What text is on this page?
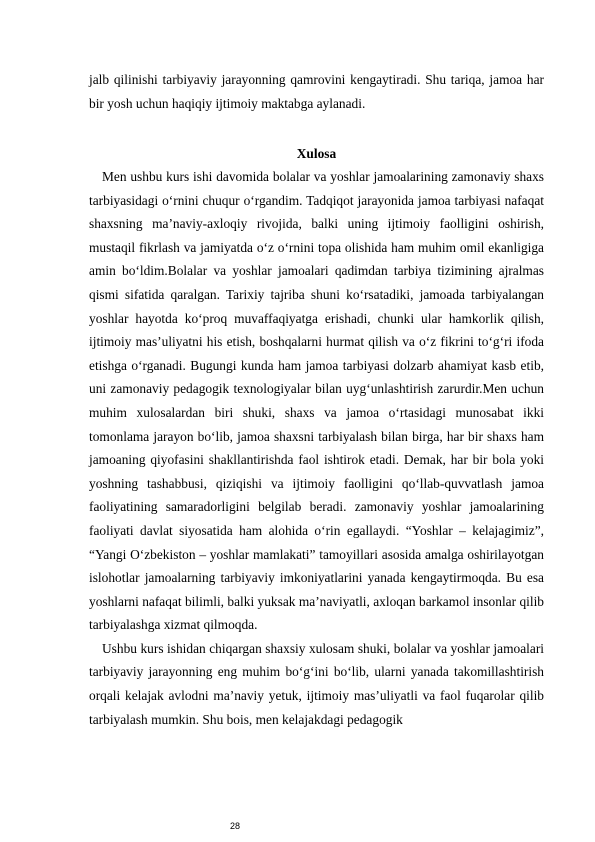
jalb qilinishi tarbiyaviy jarayonning qamrovini kengaytiradi. Shu tariqa, jamoa har bir yosh uchun haqiqiy ijtimoiy maktabga aylanadi.

Xulosa

Men ushbu kurs ishi davomida bolalar va yoshlar jamoalarining zamonaviy shaxs tarbiyasidagi o‘rnini chuqur o‘rgandim. Tadqiqot jarayonida jamoa tarbiyasi nafaqat shaxsning ma’naviy-axloqiy rivojida, balki uning ijtimoiy faolligini oshirish, mustaqil fikrlash va jamiyatda o‘z o‘rnini topa olishida ham muhim omil ekanligiga amin bo‘ldim.Bolalar va yoshlar jamoalari qadimdan tarbiya tizimining ajralmas qismi sifatida qaralgan. Tarixiy tajriba shuni ko‘rsatadiki, jamoada tarbiyalangan yoshlar hayotda ko‘proq muvaffaqiyatga erishadi, chunki ular hamkorlik qilish, ijtimoiy mas’uliyatni his etish, boshqalarni hurmat qilish va o‘z fikrini to‘g‘ri ifoda etishga o‘rganadi. Bugungi kunda ham jamoa tarbiyasi dolzarb ahamiyat kasb etib, uni zamonaviy pedagogik texnologiyalar bilan uyg‘unlashtirish zarurdir.Men uchun muhim xulosalardan biri shuki, shaxs va jamoa o‘rtasidagi munosabat ikki tomonlama jarayon bo‘lib, jamoa shaxsni tarbiyalash bilan birga, har bir shaxs ham jamoaning qiyofasini shakllantirishda faol ishtirok etadi. Demak, har bir bola yoki yoshning tashabbusi, qiziqishi va ijtimoiy faolligini qo‘llab-quvvatlash jamoa faoliyatining samaradorligini belgilab beradi. zamonaviy yoshlar jamoalarining faoliyati davlat siyosatida ham alohida o‘rin egallaydi. “Yoshlar – kelajagimiz”, “Yangi O‘zbekiston – yoshlar mamlakati” tamoyillari asosida amalga oshirilayotgan islohotlar jamoalarning tarbiyaviy imkoniyatlarini yanada kengaytirmoqda. Bu esa yoshlarni nafaqat bilimli, balki yuksak ma’naviyatli, axloqan barkamol insonlar qilib tarbiyalashga xizmat qilmoqda.

Ushbu kurs ishidan chiqargan shaxsiy xulosam shuki, bolalar va yoshlar jamoalari tarbiyaviy jarayonning eng muhim bo‘g‘ini bo‘lib, ularni yanada takomillashtirish orqali kelajak avlodni ma’naviy yetuk, ijtimoiy mas’uliyatli va faol fuqarolar qilib tarbiyalash mumkin. Shu bois, men kelajakdagi pedagogik

28
